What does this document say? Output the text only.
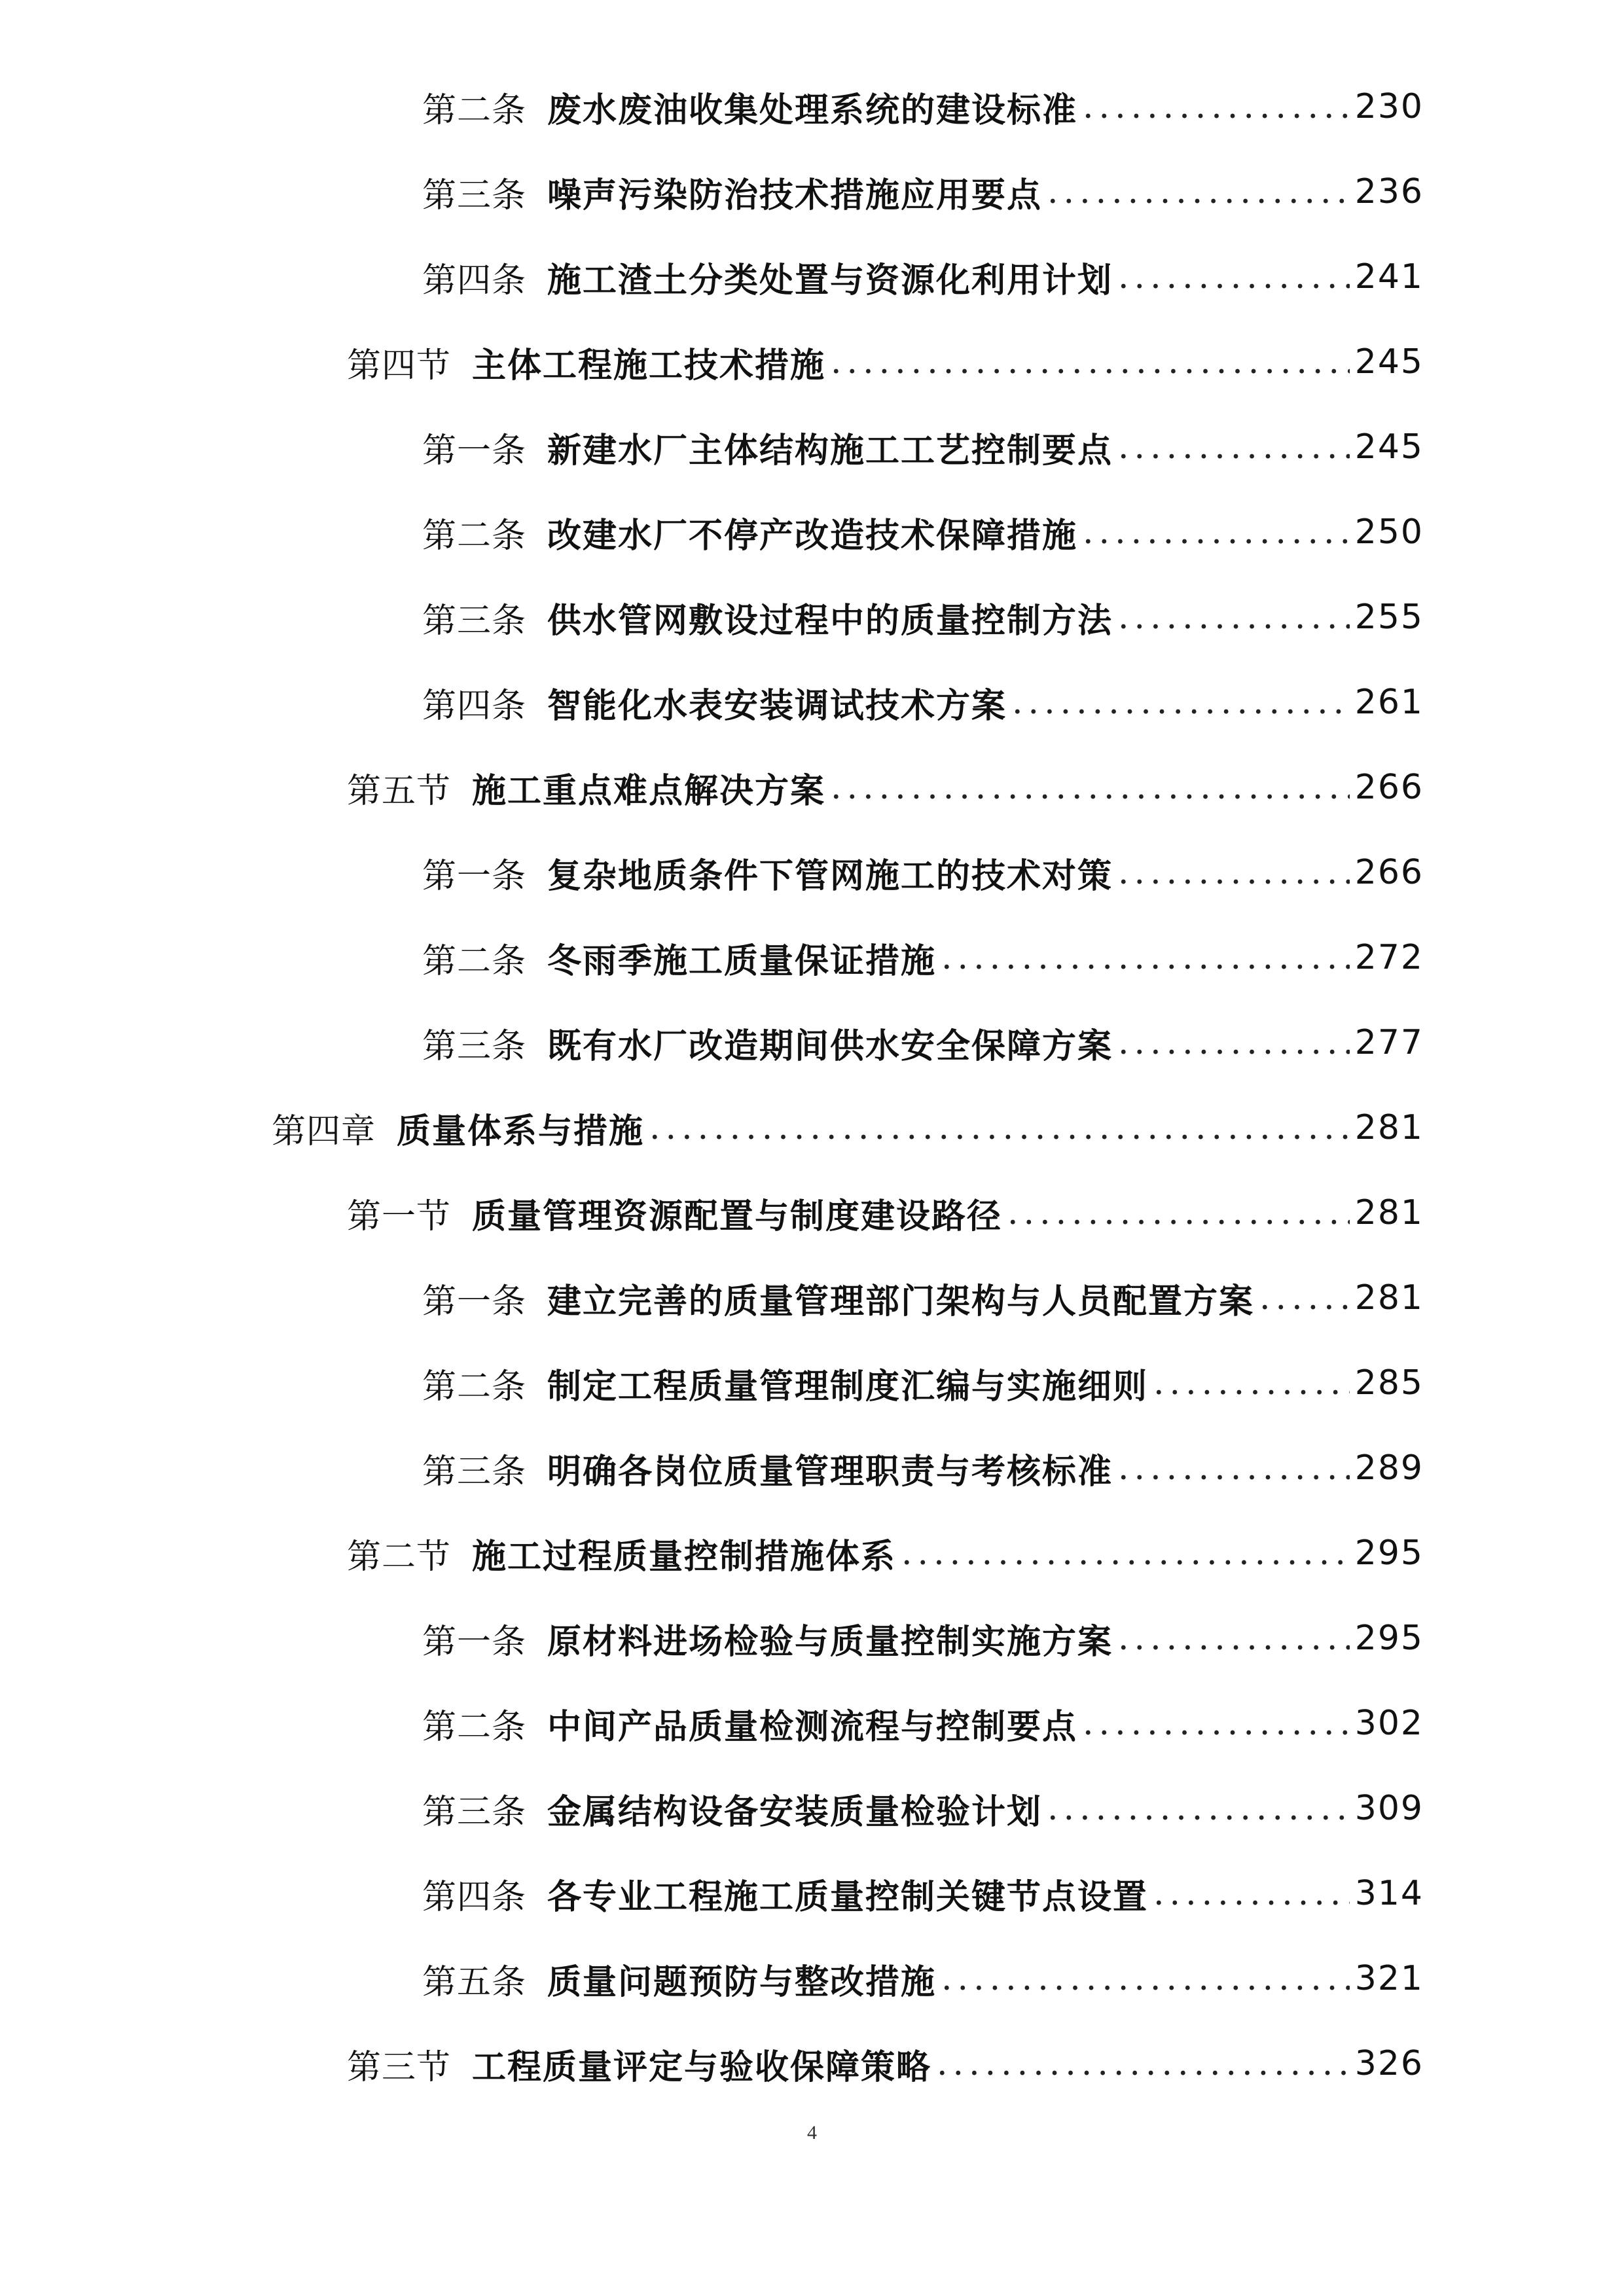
第二条 废水废油收集处理系统的建设标准 .....	230
第三条 噪声污染防治技术措施应用要点 .....	236
第四条 施工渣土分类处置与资源化利用计划 .....	241
第四节 主体工程施工技术措施 .....	245
第一条 新建水厂主体结构施工工艺控制要点 .....	245
第二条 改建水厂不停产改造技术保障措施 .....	250
第三条 供水管网敷设过程中的质量控制方法 .....	255
第四条 智能化水表安装调试技术方案 .....	261
第五节 施工重点难点解决方案 .....	266
第一条 复杂地质条件下管网施工的技术对策 .....	266
第二条 冬雨季施工质量保证措施 .....	272
第三条 既有水厂改造期间供水安全保障方案 .....	277
第四章 质量体系与措施 .....	281
第一节 质量管理资源配置与制度建设路径 .....	281
第一条 建立完善的质量管理部门架构与人员配置方案 .....	281
第二条 制定工程质量管理制度汇编与实施细则 .....	285
第三条 明确各岗位质量管理职责与考核标准 .....	289
第二节 施工过程质量控制措施体系 .....	295
第一条 原材料进场检验与质量控制实施方案 .....	295
第二条 中间产品质量检测流程与控制要点 .....	302
第三条 金属结构设备安装质量检验计划 .....	309
第四条 各专业工程施工质量控制关键节点设置 .....	314
第五条 质量问题预防与整改措施 .....	321
第三节 工程质量评定与验收保障策略 .....	326
4
